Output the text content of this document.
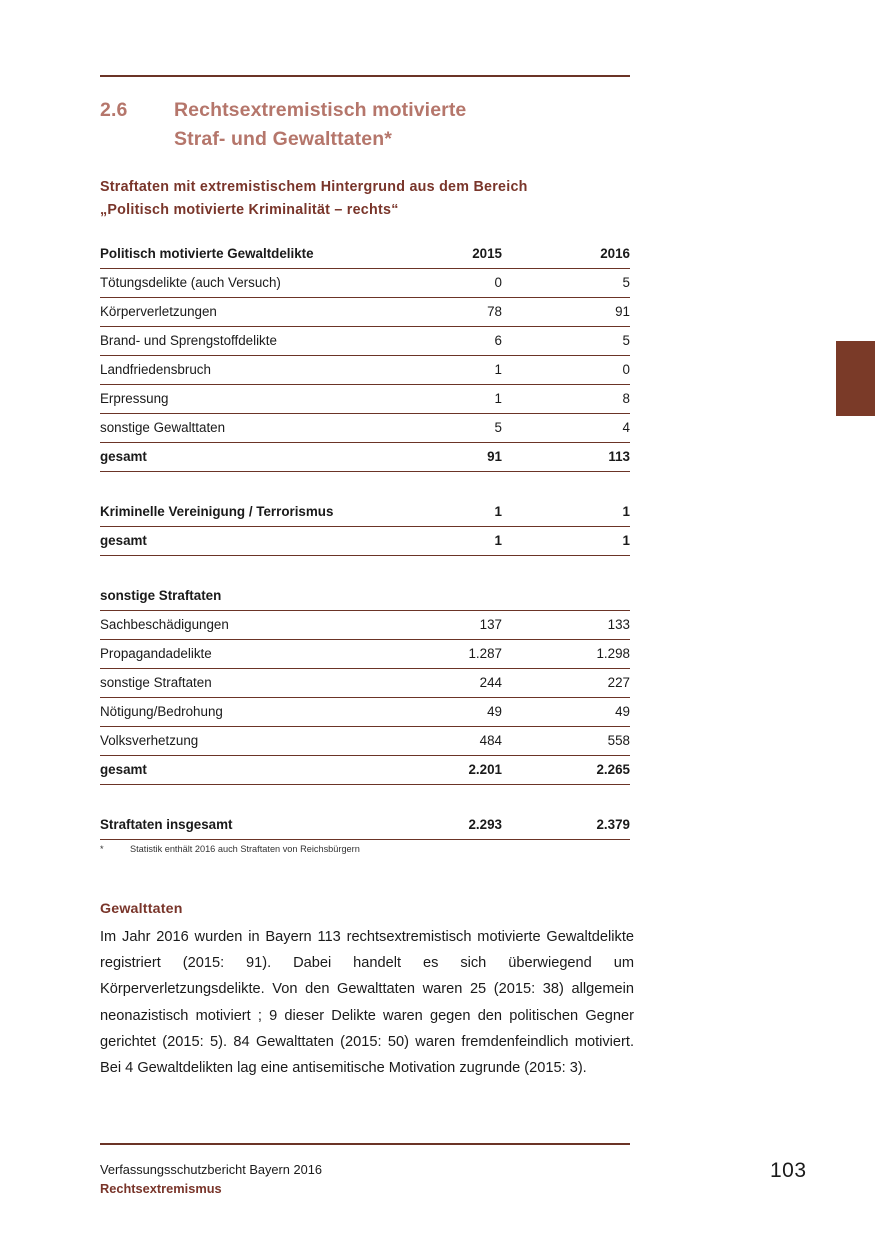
2.6 Rechtsextremistisch motivierte
Straf- und Gewalttaten*
Straftaten mit extremistischem Hintergrund aus dem Bereich
„Politisch motivierte Kriminalität – rechts“
Politisch motivierte Gewaltdelikte	2015	2016
Tötungsdelikte (auch Versuch)	0	5
Körperverletzungen	78	91
Brand- und Sprengstoffdelikte	6	5
Landfriedensbruch	1	0
Erpressung	1	8
sonstige Gewalttaten	5	4
gesamt	91	113

Kriminelle Vereinigung / Terrorismus	1	1
gesamt	1	1

sonstige Straftaten		
Sachbeschädigungen	137	133
Propagandadelikte	1.287	1.298
sonstige Straftaten	244	227
Nötigung/Bedrohung	49	49
Volksverhetzung	484	558
gesamt	2.201	2.265

Straftaten insgesamt	2.293	2.379
*	Statistik enthält 2016 auch Straftaten von Reichsbürgern
Gewalttaten
Im Jahr 2016 wurden in Bayern 113 rechtsextremistisch motivierte Gewaltdelikte registriert (2015: 91). Dabei handelt es sich überwiegend um Körperverletzungsdelikte. Von den Gewalttaten waren 25 (2015: 38) allgemein neonazistisch motiviert ; 9 dieser Delikte waren gegen den politischen Gegner gerichtet (2015: 5). 84 Gewalttaten (2015: 50) waren fremdenfeindlich motiviert. Bei 4 Gewaltdelikten lag eine antisemitische Motivation zugrunde (2015: 3).
Verfassungsschutzbericht Bayern 2016
Rechtsextremismus
103
